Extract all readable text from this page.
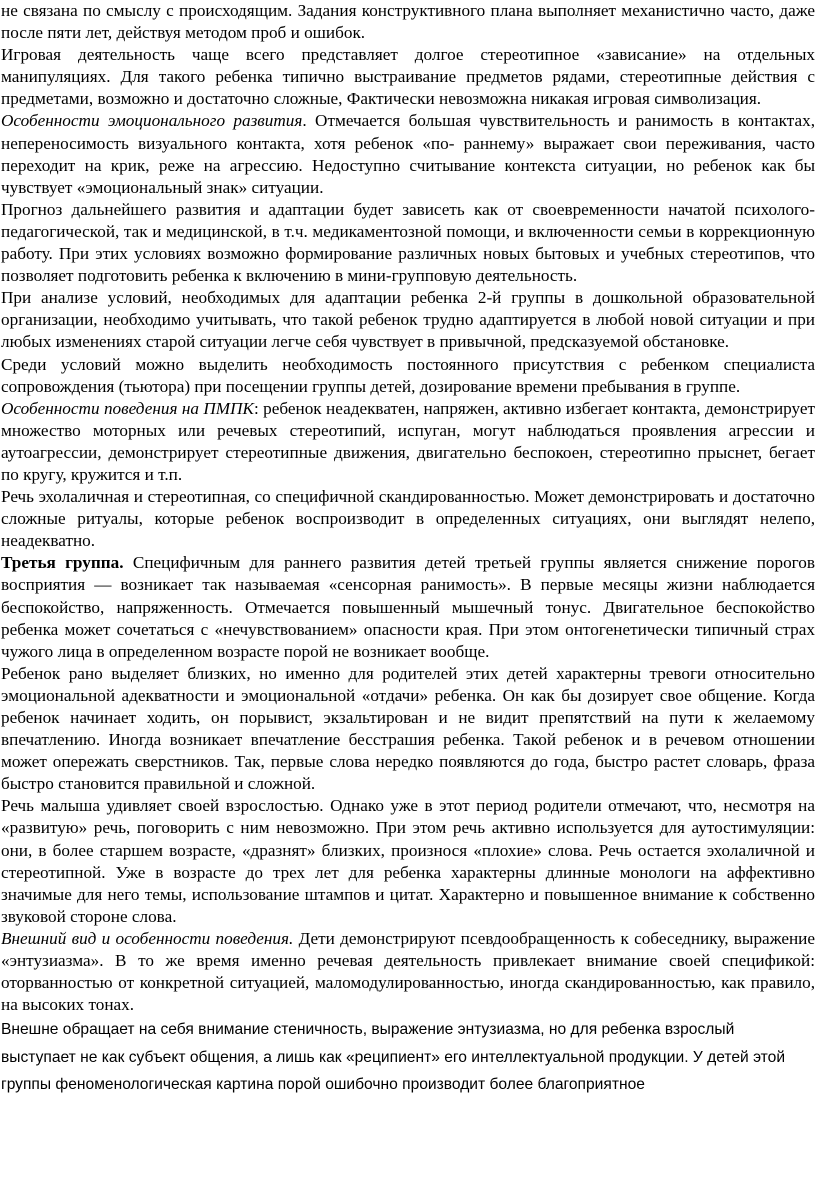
не связана по смыслу с происходящим. Задания конструктивного плана выполняет механистично часто, даже после пяти лет, действуя методом проб и ошибок.

Игровая деятельность чаще всего представляет долгое стереотипное «зависание» на отдельных манипуляциях. Для такого ребенка типично выстраивание предметов рядами, стереотипные действия с предметами, возможно и достаточно сложные, Фактически невозможна никакая игровая символизация.

Особенности эмоционального развития. Отмечается большая чувствительность и ранимость в контактах, непереносимость визуального контакта, хотя ребенок «по- раннему» выражает свои переживания, часто переходит на крик, реже на агрессию. Недоступно считывание контекста ситуации, но ребенок как бы чувствует «эмоциональный знак» ситуации.

Прогноз дальнейшего развития и адаптации будет зависеть как от своевременности начатой психолого-педагогической, так и медицинской, в т.ч. медикаментозной помощи, и включенности семьи в коррекционную работу. При этих условиях возможно формирование различных новых бытовых и учебных стереотипов, что позволяет подготовить ребенка к включению в мини-групповую деятельность.

При анализе условий, необходимых для адаптации ребенка 2-й группы в дошкольной образовательной организации, необходимо учитывать, что такой ребенок трудно адаптируется в любой новой ситуации и при любых изменениях старой ситуации легче себя чувствует в привычной, предсказуемой обстановке.

Среди условий можно выделить необходимость постоянного присутствия с ребенком специалиста сопровождения (тьютора) при посещении группы детей, дозирование времени пребывания в группе.

Особенности поведения на ПМПК: ребенок неадекватен, напряжен, активно избегает контакта, демонстрирует множество моторных или речевых стереотипий, испуган, могут наблюдаться проявления агрессии и аутоагрессии, демонстрирует стереотипные движения, двигательно беспокоен, стереотипно прыснет, бегает по кругу, кружится и т.п.

Речь эхолаличная и стереотипная, со специфичной скандированностью. Может демонстрировать и достаточно сложные ритуалы, которые ребенок воспроизводит в определенных ситуациях, они выглядят нелепо, неадекватно.

Третья группа. Специфичным для раннего развития детей третьей группы является снижение порогов восприятия — возникает так называемая «сенсорная ранимость». В первые месяцы жизни наблюдается беспокойство, напряженность. Отмечается повышенный мышечный тонус. Двигательное беспокойство ребенка может сочетаться с «нечувствованием» опасности края. При этом онтогенетически типичный страх чужого лица в определенном возрасте порой не возникает вообще.

Ребенок рано выделяет близких, но именно для родителей этих детей характерны тревоги относительно эмоциональной адекватности и эмоциональной «отдачи» ребенка. Он как бы дозирует свое общение. Когда ребенок начинает ходить, он порывист, экзальтирован и не видит препятствий на пути к желаемому впечатлению. Иногда возникает впечатление бесстрашия ребенка. Такой ребенок и в речевом отношении может опережать сверстников. Так, первые слова нередко появляются до года, быстро растет словарь, фраза быстро становится правильной и сложной.

Речь малыша удивляет своей взрослостью. Однако уже в этот период родители отмечают, что, несмотря на «развитую» речь, поговорить с ним невозможно. При этом речь активно используется для аутостимуляции: они, в более старшем возрасте, «дразнят» близких, произнося «плохие» слова. Речь остается эхолаличной и стереотипной. Уже в возрасте до трех лет для ребенка характерны длинные монологи на аффективно значимые для него темы, использование штампов и цитат. Характерно и повышенное внимание к собственно звуковой стороне слова.

Внешний вид и особенности поведения. Дети демонстрируют псевдообращенность к собеседнику, выражение «энтузиазма». В то же время именно речевая деятельность привлекает внимание своей спецификой: оторванностью от конкретной ситуацией, маломодулированностью, иногда скандированностью, как правило, на высоких тонах.

Внешне обращает на себя внимание стеничность, выражение энтузиазма, но для ребенка взрослый

выступает не как субъект общения, а лишь как «реципиент» его интеллектуальной продукции. У детей этой

группы феноменологическая картина порой ошибочно производит более благоприятное
